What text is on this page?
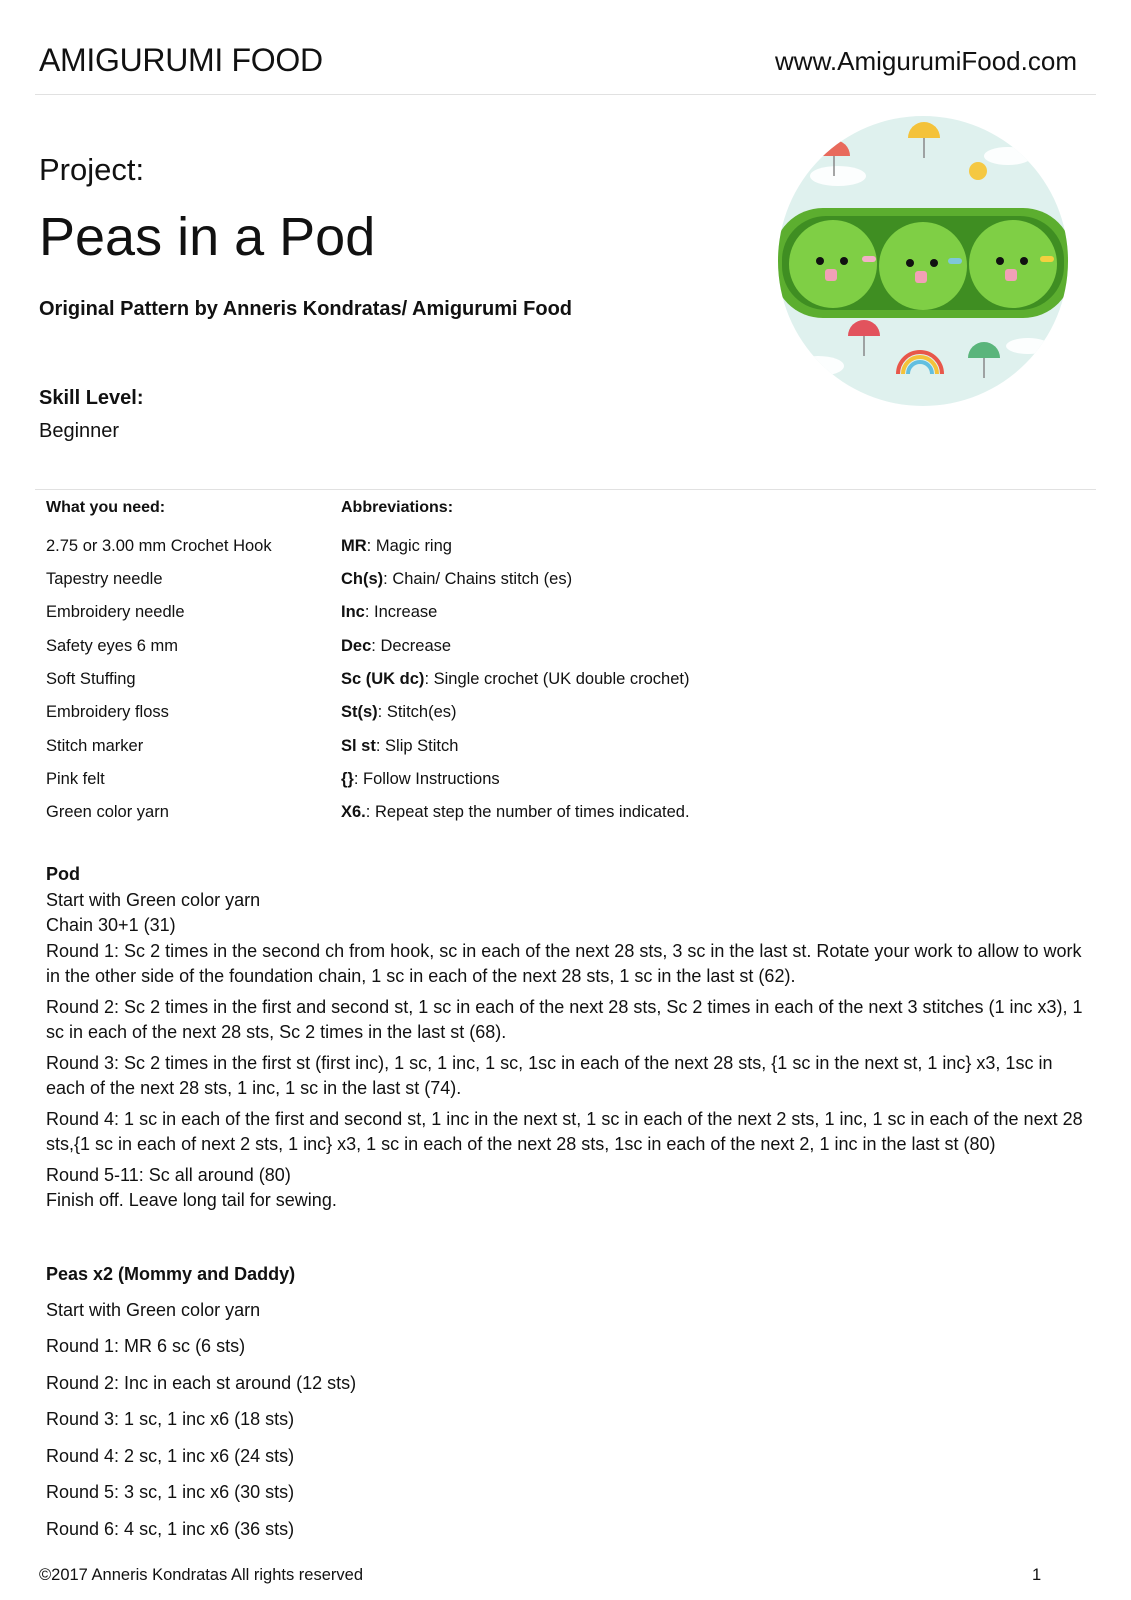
AMIGURUMI FOOD	www.AmigurumiFood.com
Project:
Peas in a Pod
Original Pattern by Anneris Kondratas/ Amigurumi Food
Skill Level:
Beginner
What you need:
2.75 or 3.00 mm Crochet Hook
Tapestry needle
Embroidery needle
Safety eyes 6 mm
Soft Stuffing
Embroidery floss
Stitch marker
Pink felt
Green color yarn
Abbreviations:
MR: Magic ring
Ch(s): Chain/ Chains stitch (es)
Inc: Increase
Dec: Decrease
Sc (UK dc): Single crochet (UK double crochet)
St(s): Stitch(es)
Sl st: Slip Stitch
{}: Follow Instructions
X6.: Repeat step the number of times indicated.
Pod
Start with Green color yarn
Chain 30+1 (31)
Round 1: Sc 2 times in the second ch from hook, sc in each of the next 28 sts, 3 sc in the last st. Rotate your work to allow to work in the other side of the foundation chain, 1 sc in each of the next 28 sts, 1 sc in the last st (62).
Round 2: Sc 2 times in the first and second st, 1 sc in each of the next 28 sts, Sc 2 times in each of the next 3 stitches (1 inc x3), 1 sc in each of the next 28 sts, Sc 2 times in the last st (68).
Round 3: Sc 2 times in the first st (first inc), 1 sc, 1 inc, 1 sc, 1sc in each of the next 28 sts, {1 sc in the next st, 1 inc} x3, 1sc in each of the next 28 sts, 1 inc, 1 sc in the last st (74).
Round 4: 1 sc in each of the first and second st, 1 inc in the next st, 1 sc in each of the next 2 sts, 1 inc, 1 sc in each of the next 28 sts,{1 sc in each of next 2 sts, 1 inc} x3, 1 sc in each of the next 28 sts, 1sc in each of the next 2, 1 inc in the last st (80)
Round 5-11: Sc all around (80)
Finish off. Leave long tail for sewing.
Peas x2 (Mommy and Daddy)
Start with Green color yarn
Round 1: MR 6 sc (6 sts)
Round 2: Inc in each st around (12 sts)
Round 3: 1 sc, 1 inc x6 (18 sts)
Round 4: 2 sc, 1 inc x6 (24 sts)
Round 5: 3 sc, 1 inc x6 (30 sts)
Round 6: 4 sc, 1 inc x6 (36 sts)
©2017 Anneris Kondratas All rights reserved	1
